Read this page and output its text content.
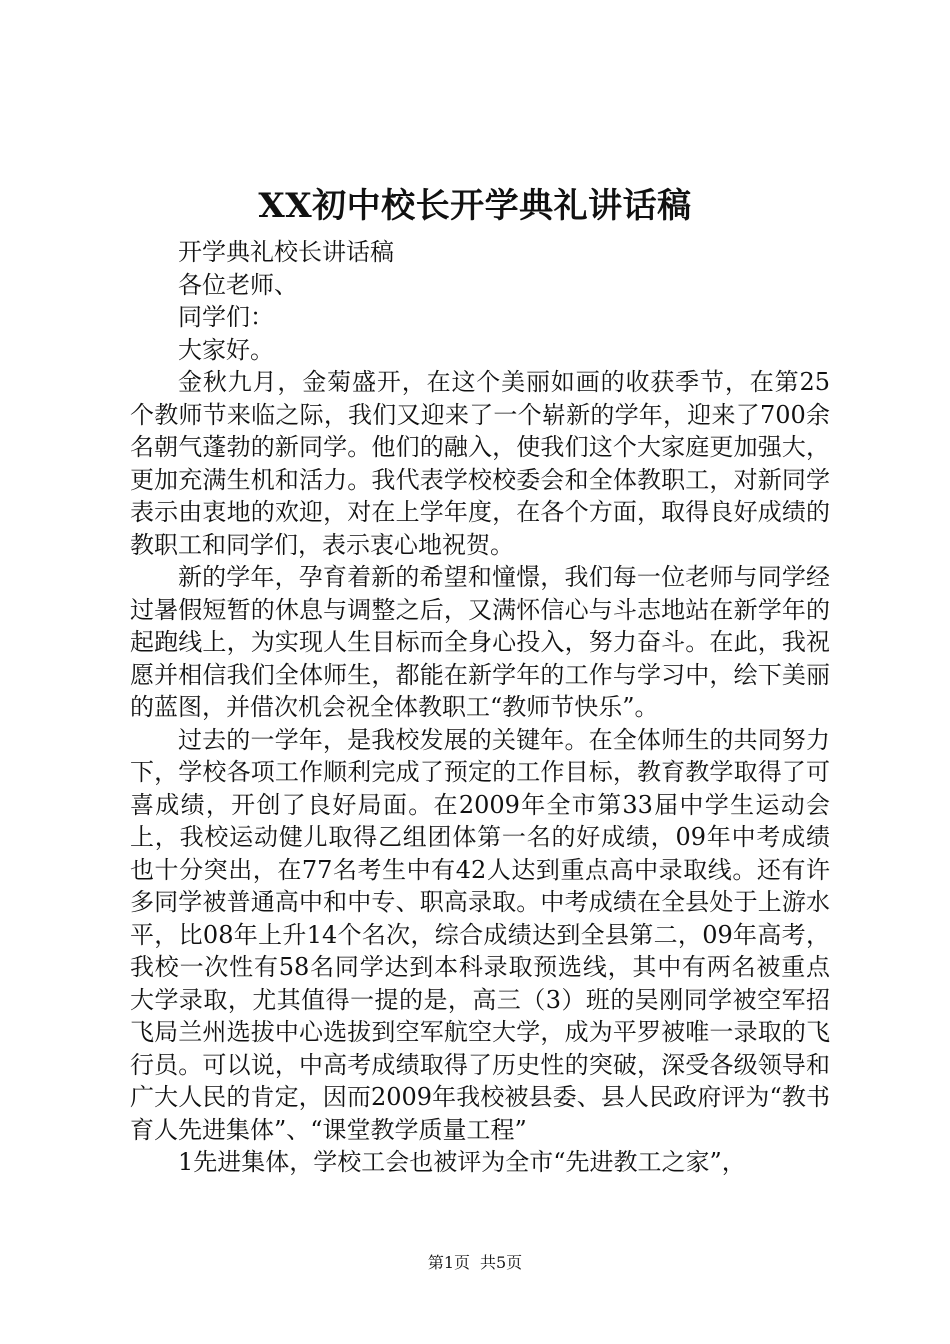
XX初中校长开学典礼讲话稿

开学典礼校长讲话稿

各位老师、

同学们：

大家好。

金秋九月，金菊盛开，在这个美丽如画的收获季节，在第25个教师节来临之际，我们又迎来了一个崭新的学年，迎来了700余名朝气蓬勃的新同学。他们的融入，使我们这个大家庭更加强大，更加充满生机和活力。我代表学校校委会和全体教职工，对新同学表示由衷地的欢迎，对在上学年度，在各个方面，取得良好成绩的教职工和同学们，表示衷心地祝贺。

新的学年，孕育着新的希望和憧憬，我们每一位老师与同学经过暑假短暂的休息与调整之后，又满怀信心与斗志地站在新学年的起跑线上，为实现人生目标而全身心投入，努力奋斗。在此，我祝愿并相信我们全体师生，都能在新学年的工作与学习中，绘下美丽的蓝图，并借次机会祝全体教职工“教师节快乐”。

过去的一学年，是我校发展的关键年。在全体师生的共同努力下，学校各项工作顺利完成了预定的工作目标，教育教学取得了可喜成绩，开创了良好局面。在2009年全市第33届中学生运动会上，我校运动健儿取得乙组团体第一名的好成绩，09年中考成绩也十分突出，在77名考生中有42人达到重点高中录取线。还有许多同学被普通高中和中专、职高录取。中考成绩在全县处于上游水平，比08年上升14个名次，综合成绩达到全县第二，09年高考，我校一次性有58名同学达到本科录取预选线，其中有两名被重点大学录取，尤其值得一提的是，高三（3）班的吴刚同学被空军招飞局兰州选拔中心选拔到空军航空大学，成为平罗被唯一录取的飞行员。可以说，中高考成绩取得了历史性的突破，深受各级领导和广大人民的肯定，因而2009年我校被县委、县人民政府评为“教书育人先进集体”、“课堂教学质量工程”

1先进集体，学校工会也被评为全市“先进教工之家”，

第1页 共5页
